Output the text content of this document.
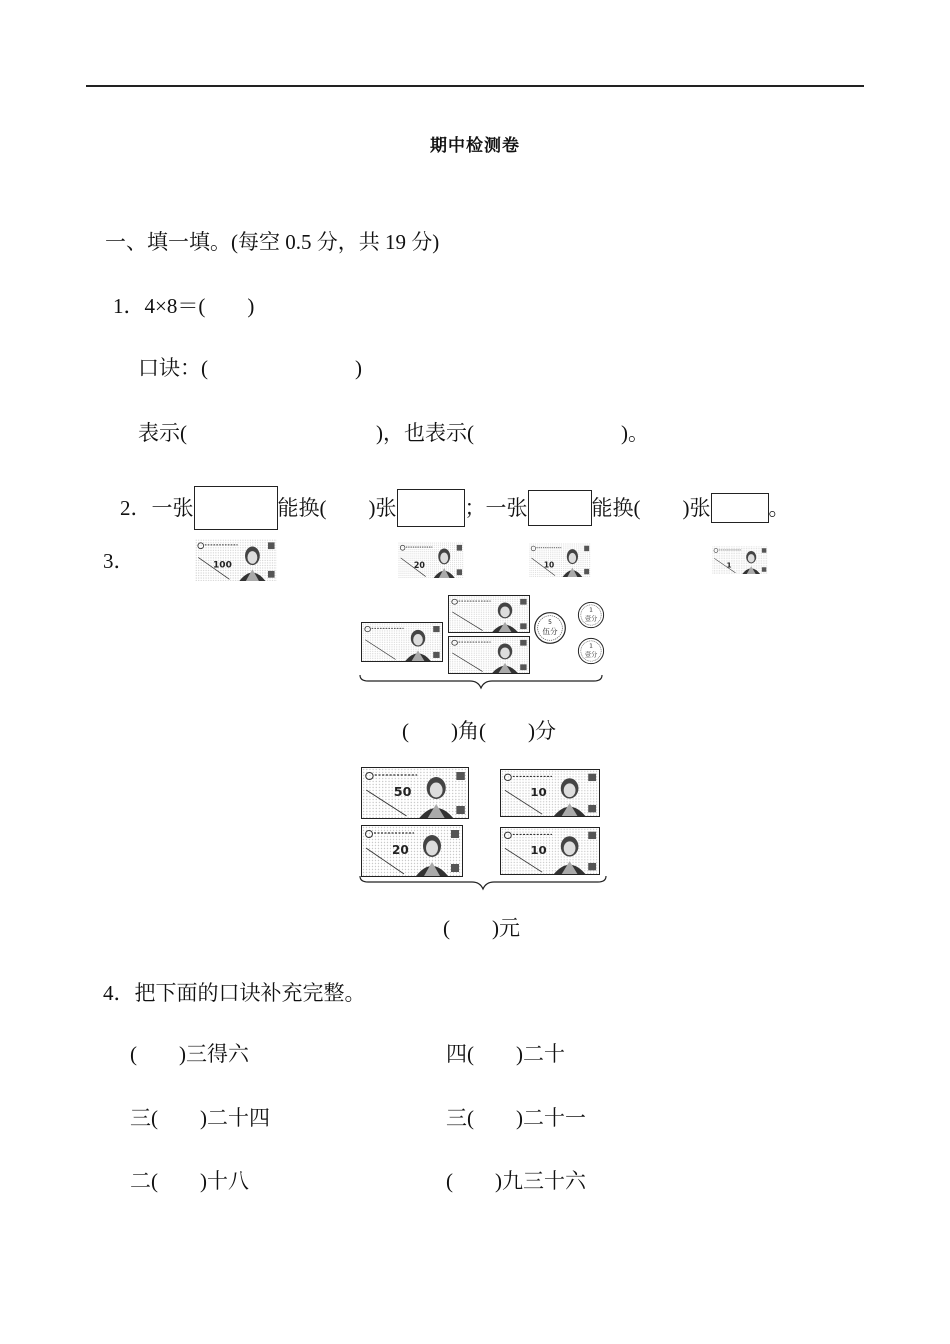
期中检测卷
一、填一填。(每空 0.5 分，共 19 分)
1．4×8＝(　　)
口诀：(　　　　　　　)
表示(　　　　　　　　　)，也表示(　　　　　　　)。
2．一张

100

能换(　　)张

20

；一张

10

能换(　　)张

1

。
3．
5
伍分
1
壹分
1
壹分
(　　)角(　　)分
50	10
20	10
(　　)元
4．把下面的口诀补充完整。
(　　)三得六	四(　　)二十
三(　　)二十四	三(　　)二十一
二(　　)十八	(　　)九三十六
